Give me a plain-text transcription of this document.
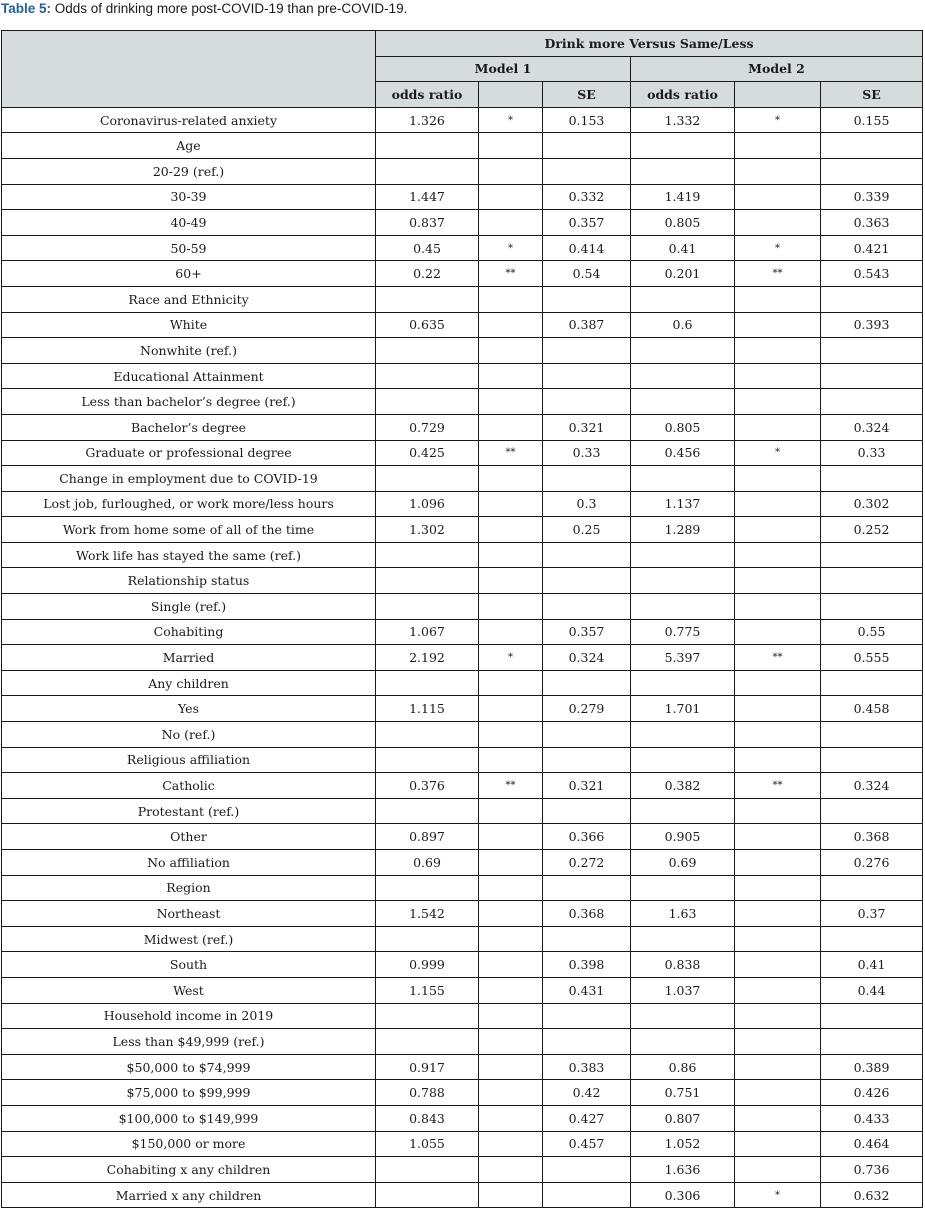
Table 5: Odds of drinking more post-COVID-19 than pre-COVID-19.
	Drink more Versus Same/Less					
	Model 1			Model 2		
	odds ratio		SE	odds ratio		SE
Coronavirus-related anxiety	1.326	*	0.153	1.332	*	0.155
Age						
20-29 (ref.)						
30-39	1.447		0.332	1.419		0.339
40-49	0.837		0.357	0.805		0.363
50-59	0.45	*	0.414	0.41	*	0.421
60+	0.22	**	0.54	0.201	**	0.543
Race and Ethnicity						
White	0.635		0.387	0.6		0.393
Nonwhite (ref.)						
Educational Attainment						
Less than bachelor’s degree (ref.)						
Bachelor’s degree	0.729		0.321	0.805		0.324
Graduate or professional degree	0.425	**	0.33	0.456	*	0.33
Change in employment due to COVID-19						
Lost job, furloughed, or work more/less hours	1.096		0.3	1.137		0.302
Work from home some of all of the time	1.302		0.25	1.289		0.252
Work life has stayed the same (ref.)						
Relationship status						
Single (ref.)						
Cohabiting	1.067		0.357	0.775		0.55
Married	2.192	*	0.324	5.397	**	0.555
Any children						
Yes	1.115		0.279	1.701		0.458
No (ref.)						
Religious affiliation						
Catholic	0.376	**	0.321	0.382	**	0.324
Protestant (ref.)						
Other	0.897		0.366	0.905		0.368
No affiliation	0.69		0.272	0.69		0.276
Region						
Northeast	1.542		0.368	1.63		0.37
Midwest (ref.)						
South	0.999		0.398	0.838		0.41
West	1.155		0.431	1.037		0.44
Household income in 2019						
Less than $49,999 (ref.)						
$50,000 to $74,999	0.917		0.383	0.86		0.389
$75,000 to $99,999	0.788		0.42	0.751		0.426
$100,000 to $149,999	0.843		0.427	0.807		0.433
$150,000 or more	1.055		0.457	1.052		0.464
Cohabiting x any children				1.636		0.736
Married x any children				0.306	*	0.632
